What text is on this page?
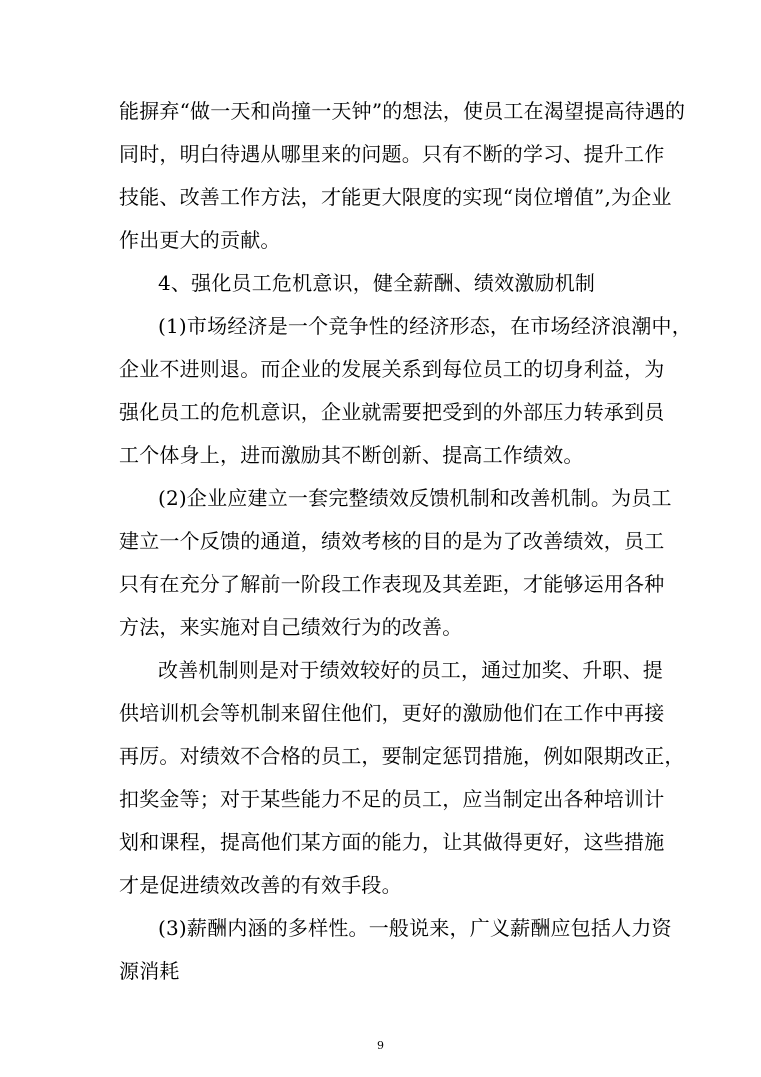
能摒弃“做一天和尚撞一天钟”的想法，使员工在渴望提高待遇的
同时，明白待遇从哪里来的问题。只有不断的学习、提升工作
技能、改善工作方法，才能更大限度的实现“岗位增值”,为企业
作出更大的贡献。
4、强化员工危机意识，健全薪酬、绩效激励机制
(1)市场经济是一个竞争性的经济形态，在市场经济浪潮中，
企业不进则退。而企业的发展关系到每位员工的切身利益，为
强化员工的危机意识，企业就需要把受到的外部压力转承到员
工个体身上，进而激励其不断创新、提高工作绩效。
(2)企业应建立一套完整绩效反馈机制和改善机制。为员工
建立一个反馈的通道，绩效考核的目的是为了改善绩效，员工
只有在充分了解前一阶段工作表现及其差距，才能够运用各种
方法，来实施对自己绩效行为的改善。
改善机制则是对于绩效较好的员工，通过加奖、升职、提
供培训机会等机制来留住他们，更好的激励他们在工作中再接
再厉。对绩效不合格的员工，要制定惩罚措施，例如限期改正，
扣奖金等；对于某些能力不足的员工，应当制定出各种培训计
划和课程，提高他们某方面的能力，让其做得更好，这些措施
才是促进绩效改善的有效手段。
(3)薪酬内涵的多样性。一般说来，广义薪酬应包括人力资
源消耗
9
